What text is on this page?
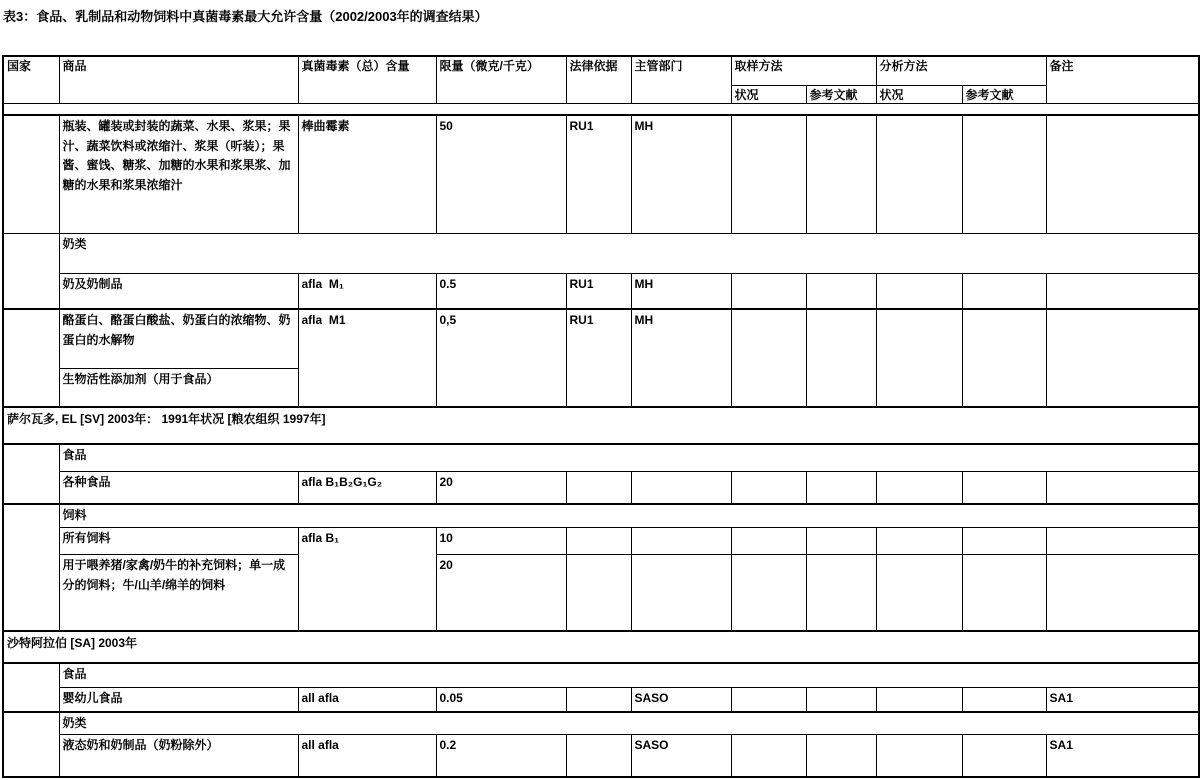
表3：食品、乳制品和动物饲料中真菌毒素最大允许含量（2002/2003年的调查结果）
国家	商品	真菌毒素（总）含量	限量（微克/千克）	法律依据	主管部门	取样方法		分析方法		备注
						状况	参考文献	状况	参考文献	

	瓶装、罐装或封装的蔬菜、水果、浆果；果汁、蔬菜饮料或浓缩汁、浆果（听装）；果酱、蜜饯、糖浆、加糖的水果和浆果浆、加糖的水果和浆果浓缩汁	棒曲霉素	50	RU1	MH					
	奶类									
	奶及奶制品	afla  M₁	0.5	RU1	MH					
	酪蛋白、酪蛋白酸盐、奶蛋白的浓缩物、奶蛋白的水解物	afla  M1	0,5	RU1	MH					
	生物活性添加剂（用于食品）									
萨尔瓦多, EL [SV] 2003年： 1991年状况 [粮农组织 1997年]										
	食品									
	各种食品	afla B₁B₂G₁G₂	20							
	饲料									
	所有饲料	afla B₁	10							
	用于喂养猪/家禽/奶牛的补充饲料；单一成分的饲料；牛/山羊/绵羊的饲料		20							
沙特阿拉伯 [SA] 2003年										
	食品									
	婴幼儿食品	all afla	0.05		SASO					SA1
	奶类									
	液态奶和奶制品（奶粉除外）	all afla	0.2		SASO					SA1
